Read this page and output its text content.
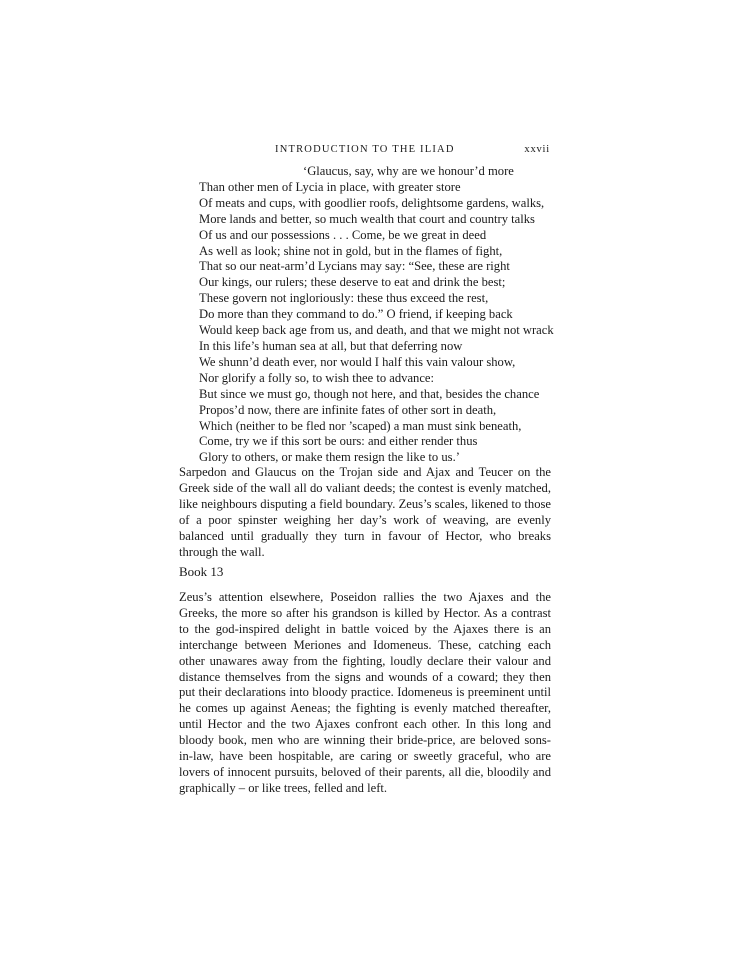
INTRODUCTION TO THE ILIAD	xxvii
‘Glaucus, say, why are we honour’d more
Than other men of Lycia in place, with greater store
Of meats and cups, with goodlier roofs, delightsome gardens, walks,
More lands and better, so much wealth that court and country talks
Of us and our possessions . . . Come, be we great in deed
As well as look; shine not in gold, but in the flames of fight,
That so our neat-arm’d Lycians may say: “See, these are right
Our kings, our rulers; these deserve to eat and drink the best;
These govern not ingloriously: these thus exceed the rest,
Do more than they command to do.” O friend, if keeping back
Would keep back age from us, and death, and that we might not wrack
In this life’s human sea at all, but that deferring now
We shunn’d death ever, nor would I half this vain valour show,
Nor glorify a folly so, to wish thee to advance:
But since we must go, though not here, and that, besides the chance
Propos’d now, there are infinite fates of other sort in death,
Which (neither to be fled nor ’scaped) a man must sink beneath,
Come, try we if this sort be ours: and either render thus
Glory to others, or make them resign the like to us.’

Sarpedon and Glaucus on the Trojan side and Ajax and Teucer on the Greek side of the wall all do valiant deeds; the contest is evenly matched, like neighbours disputing a field boundary. Zeus’s scales, likened to those of a poor spinster weighing her day’s work of weaving, are evenly balanced until gradually they turn in favour of Hector, who breaks through the wall.

Book 13

Zeus’s attention elsewhere, Poseidon rallies the two Ajaxes and the Greeks, the more so after his grandson is killed by Hector. As a contrast to the god-inspired delight in battle voiced by the Ajaxes there is an interchange between Meriones and Idomeneus. These, catching each other unawares away from the fighting, loudly declare their valour and distance themselves from the signs and wounds of a coward; they then put their declarations into bloody practice. Idomeneus is preeminent until he comes up against Aeneas; the fighting is evenly matched thereafter, until Hector and the two Ajaxes confront each other. In this long and bloody book, men who are winning their bride-price, are beloved sons-in-law, have been hospitable, are caring or sweetly graceful, who are lovers of innocent pursuits, beloved of their parents, all die, bloodily and graphically – or like trees, felled and left.
